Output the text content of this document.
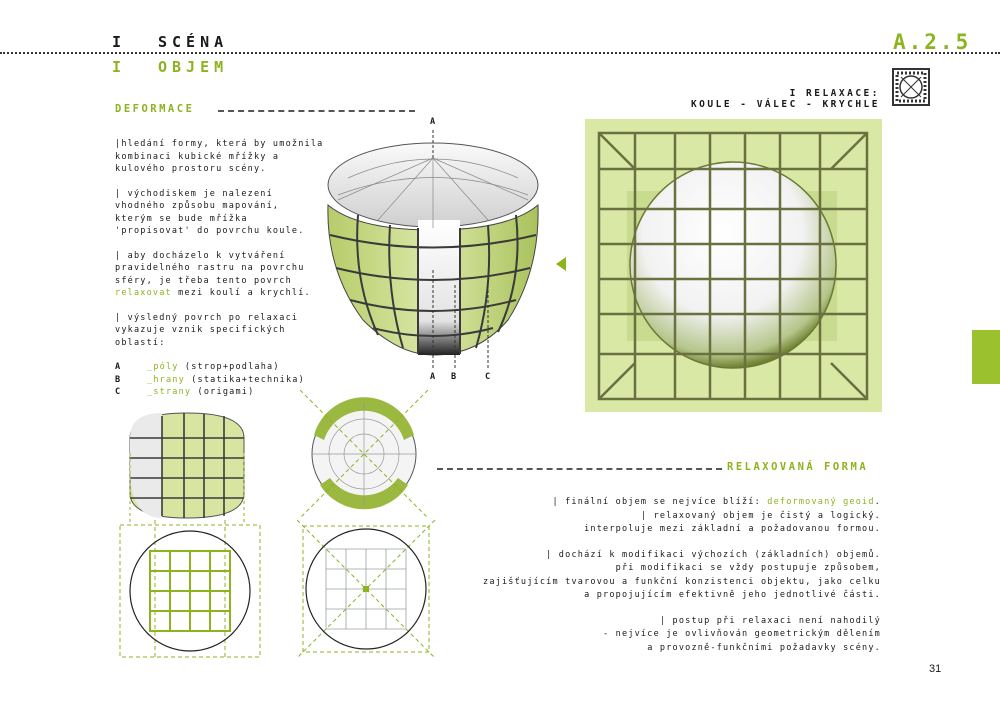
I SCÉNA
I OBJEM
A.2.5
I RELAXACE:
KOULE - VÁLEC - KRYCHLE
DEFORMACE

|hledání formy, která by umožnila
kombinaci kubické mřížky a
kulového prostoru scény.

| východiskem je nalezení
vhodného způsobu mapování,
kterým se bude mřížka
'propisovat' do povrchu koule.

| aby docházelo k vytváření
pravidelného rastru na povrchu
sféry, je třeba tento povrch
relaxovat mezi koulí a krychlí.

| výsledný povrch po relaxaci
vykazuje vznik specifických oblastí:

A	_póly (strop+podlaha)
B	_hrany (statika+technika)
C	_strany (origami)
A
A B	C
RELAXOVANÁ FORMA

| finální objem se nejvíce blíží: deformovaný geoid.
| relaxovaný objem je čistý a logický.
interpoluje mezi základní a požadovanou formou.

| dochází k modifikaci výchozích (základních) objemů.
při modifikaci se vždy postupuje způsobem,
zajišťujícím tvarovou a funkční konzistenci objektu, jako celku
a propojujícím efektivně jeho jednotlivé části.

| postup při relaxaci není nahodilý
- nejvíce je ovlivňován geometrickým dělením
a provozně-funkčními požadavky scény.

31
